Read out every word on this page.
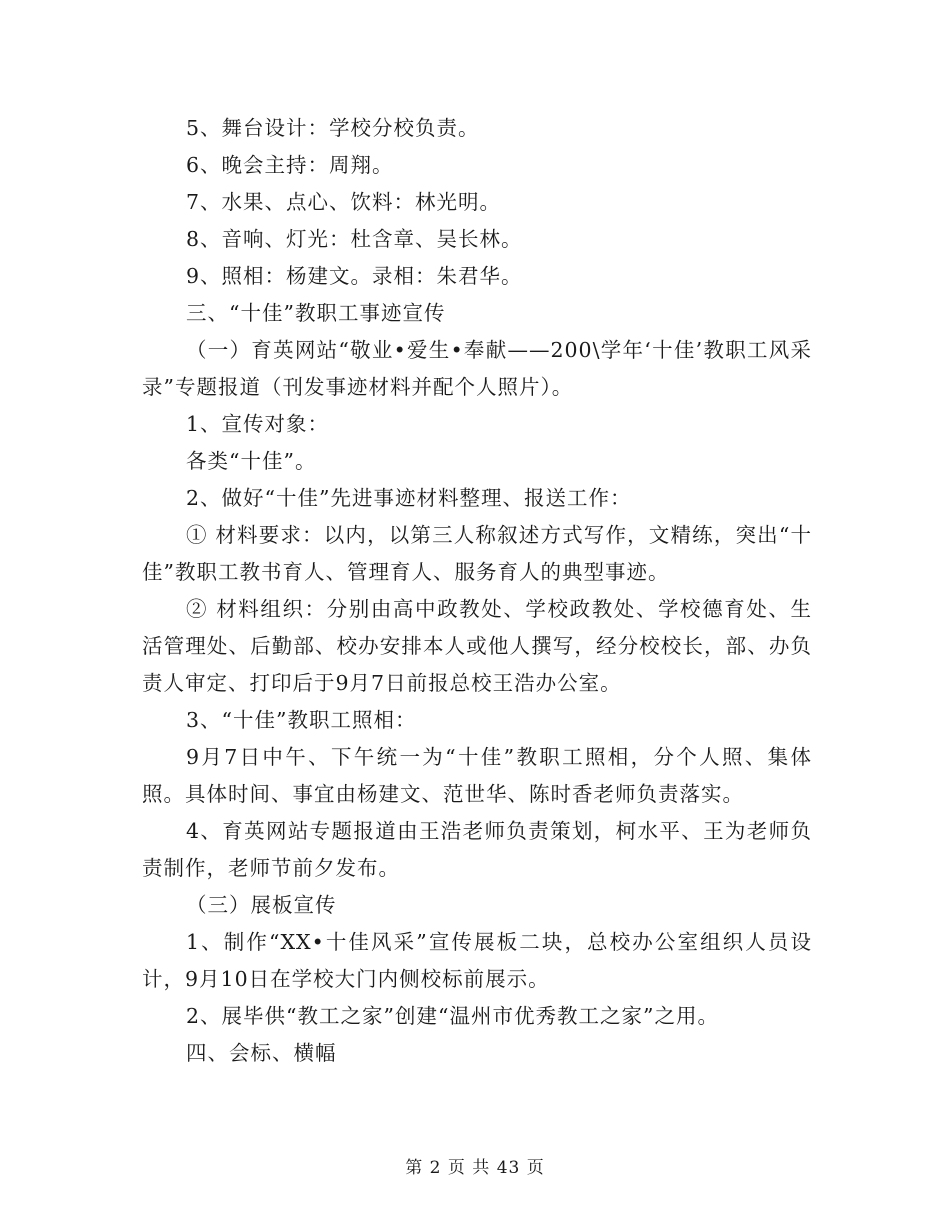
5、舞台设计：学校分校负责。

6、晚会主持：周翔。

7、水果、点心、饮料：林光明。

8、音响、灯光：杜含章、吴长林。

9、照相：杨建文。录相：朱君华。

三、“十佳”教职工事迹宣传

（一）育英网站“敬业•爱生•奉献——200\学年‘十佳’教职工风采录”专题报道（刊发事迹材料并配个人照片）。

1、宣传对象：

各类“十佳”。

2、做好“十佳”先进事迹材料整理、报送工作：

① 材料要求：以内，以第三人称叙述方式写作，文精练，突出“十佳”教职工教书育人、管理育人、服务育人的典型事迹。

② 材料组织：分别由高中政教处、学校政教处、学校德育处、生活管理处、后勤部、校办安排本人或他人撰写，经分校校长，部、办负责人审定、打印后于9月7日前报总校王浩办公室。

3、“十佳”教职工照相：

9月7日中午、下午统一为“十佳”教职工照相，分个人照、集体照。具体时间、事宜由杨建文、范世华、陈时香老师负责落实。

4、育英网站专题报道由王浩老师负责策划，柯水平、王为老师负责制作，老师节前夕发布。

（三）展板宣传

1、制作“XX•十佳风采”宣传展板二块，总校办公室组织人员设计，9月10日在学校大门内侧校标前展示。

2、展毕供“教工之家”创建“温州市优秀教工之家”之用。

四、会标、横幅

第 2 页 共 43 页
